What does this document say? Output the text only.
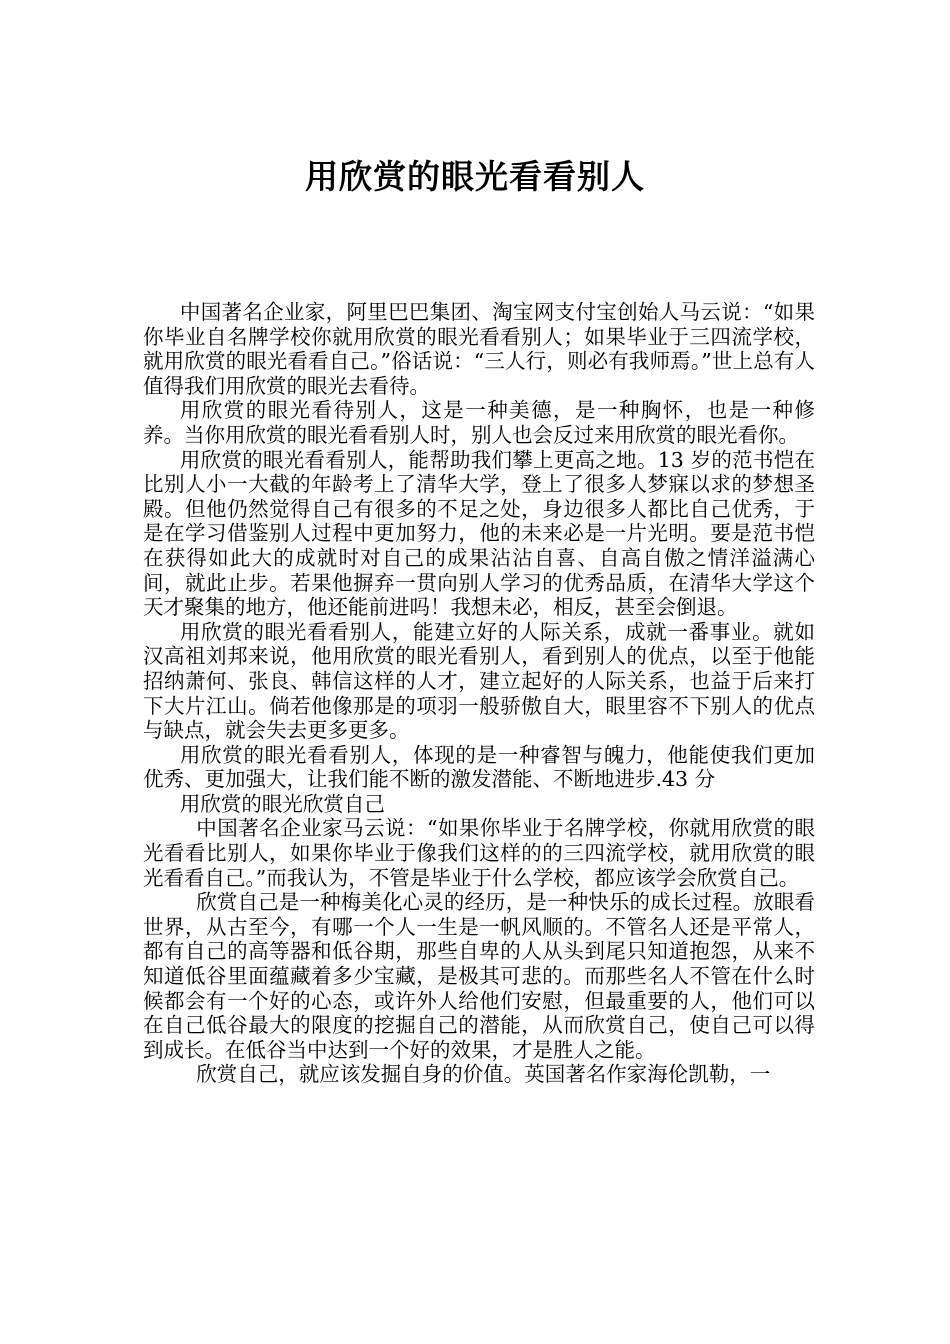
用欣赏的眼光看看别人

中国著名企业家，阿里巴巴集团、淘宝网支付宝创始人马云说：“如果你毕业自名牌学校你就用欣赏的眼光看看别人；如果毕业于三四流学校，就用欣赏的眼光看看自己。”俗话说：“三人行，则必有我师焉。”世上总有人值得我们用欣赏的眼光去看待。

用欣赏的眼光看待别人，这是一种美德，是一种胸怀，也是一种修养。当你用欣赏的眼光看看别人时，别人也会反过来用欣赏的眼光看你。

用欣赏的眼光看看别人，能帮助我们攀上更高之地。13 岁的范书恺在比别人小一大截的年龄考上了清华大学，登上了很多人梦寐以求的梦想圣殿。但他仍然觉得自己有很多的不足之处，身边很多人都比自己优秀，于是在学习借鉴别人过程中更加努力，他的未来必是一片光明。要是范书恺在获得如此大的成就时对自己的成果沾沾自喜、自高自傲之情洋溢满心间，就此止步。若果他摒弃一贯向别人学习的优秀品质，在清华大学这个天才聚集的地方，他还能前进吗！我想未必，相反，甚至会倒退。

用欣赏的眼光看看别人，能建立好的人际关系，成就一番事业。就如汉高祖刘邦来说，他用欣赏的眼光看别人，看到别人的优点，以至于他能招纳萧何、张良、韩信这样的人才，建立起好的人际关系，也益于后来打下大片江山。倘若他像那是的项羽一般骄傲自大，眼里容不下别人的优点与缺点，就会失去更多更多。

用欣赏的眼光看看别人，体现的是一种睿智与魄力，他能使我们更加优秀、更加强大，让我们能不断的激发潜能、不断地进步.43 分

用欣赏的眼光欣赏自己

中国著名企业家马云说：“如果你毕业于名牌学校，你就用欣赏的眼光看看比别人，如果你毕业于像我们这样的的三四流学校，就用欣赏的眼光看看自己。”而我认为，不管是毕业于什么学校，都应该学会欣赏自己。

欣赏自己是一种梅美化心灵的经历，是一种快乐的成长过程。放眼看世界，从古至今，有哪一个人一生是一帆风顺的。不管名人还是平常人，都有自己的高等器和低谷期，那些自卑的人从头到尾只知道抱怨，从来不知道低谷里面蕴藏着多少宝藏，是极其可悲的。而那些名人不管在什么时候都会有一个好的心态，或许外人给他们安慰，但最重要的人，他们可以在自己低谷最大的限度的挖掘自己的潜能，从而欣赏自己，使自己可以得到成长。在低谷当中达到一个好的效果，才是胜人之能。

欣赏自己，就应该发掘自身的价值。英国著名作家海伦凯勒，一
